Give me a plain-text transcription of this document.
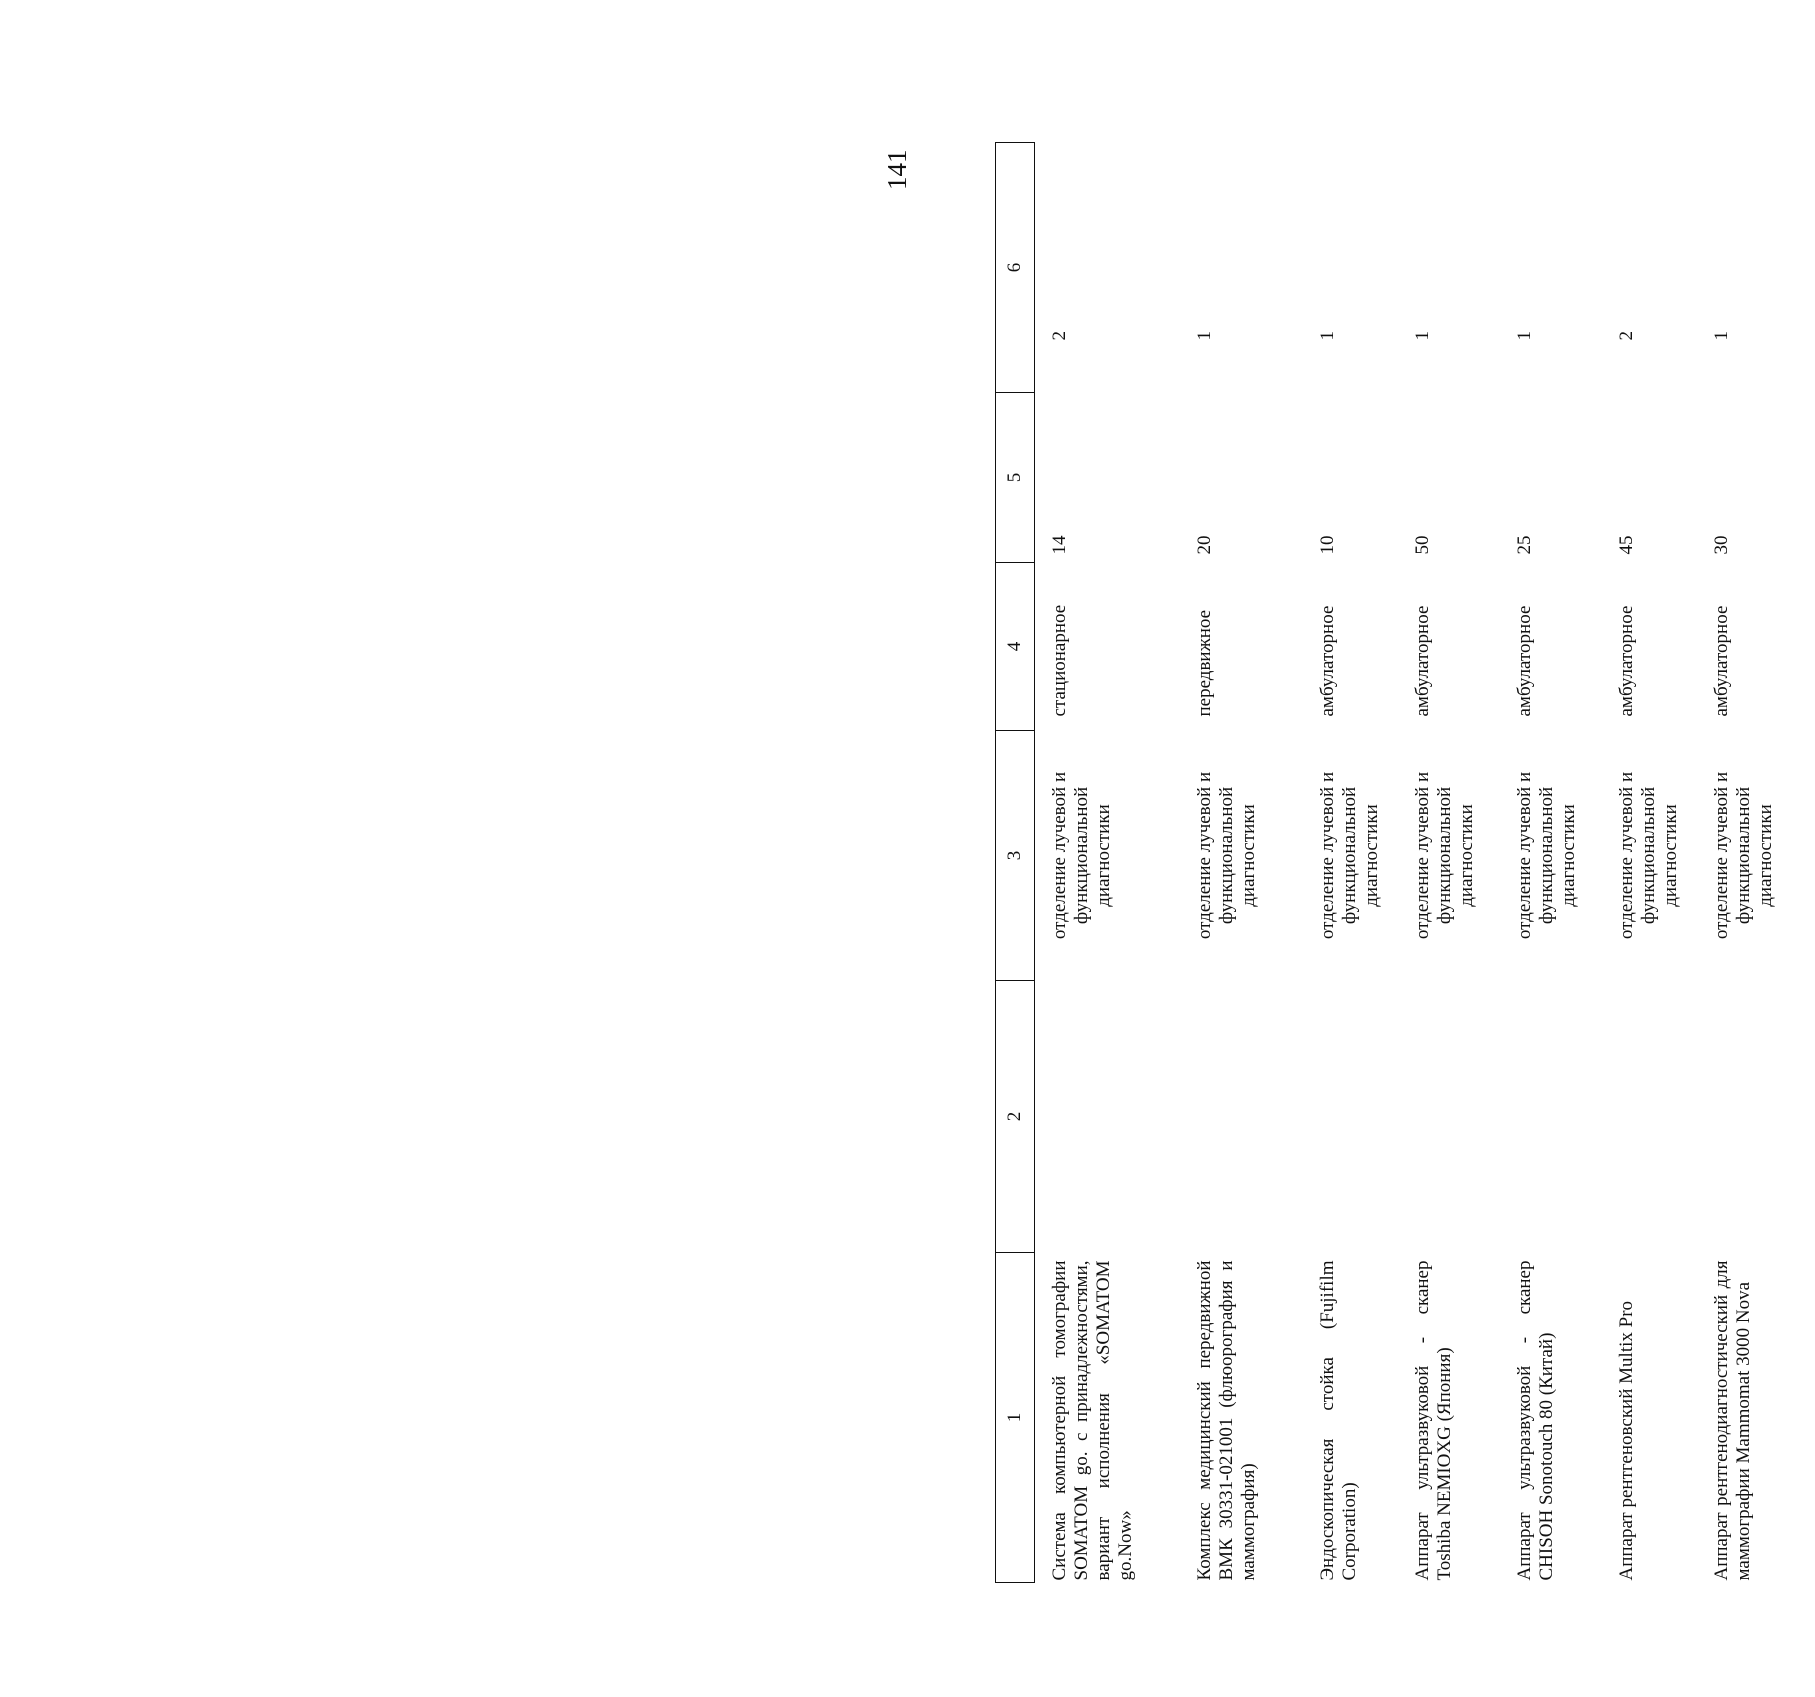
141
1	2	3	4	5	6
Система компьютерной томографии SOMATOM go. с принадлежностями, вариант исполнения «SOMATOM go.Now»		отделение лучевой и функциональной диагностики	стационарное	14	2
Комплекс медицинский передвижной ВМК 30331-021001 (флюорография и маммография)		отделение лучевой и функциональной диагностики	передвижное	20	1
Эндоскопическая стойка (Fujifilm Corporation)		отделение лучевой и функциональной диагностики	амбулаторное	10	1
Аппарат ультразвуковой - сканер Toshiba NEMIOXG (Япония)		отделение лучевой и функциональной диагностики	амбулаторное	50	1
Аппарат ультразвуковой - сканер CHISOH Sonotouch 80 (Китай)		отделение лучевой и функциональной диагностики	амбулаторное	25	1
Аппарат рентгеновский Multix Pro		отделение лучевой и функциональной диагностики	амбулаторное	45	2
Аппарат рентгенодиагностический для маммографии Mammomat 3000 Nova		отделение лучевой и функциональной диагностики	амбулаторное	30	1
